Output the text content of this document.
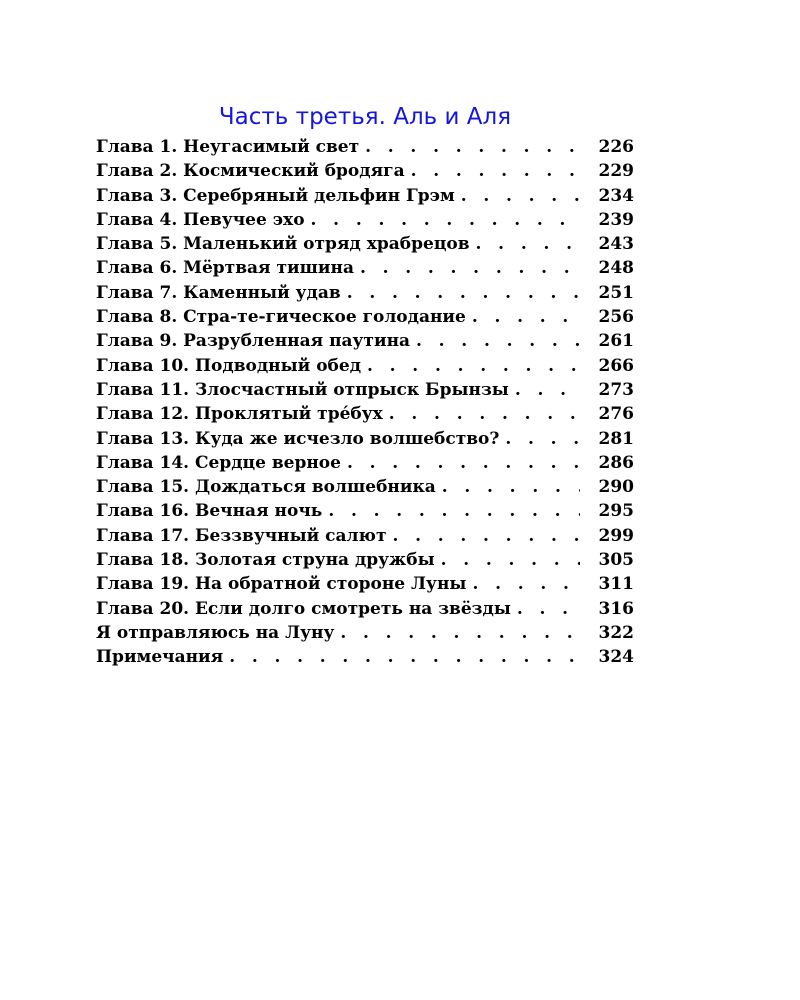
Часть третья. Аль и Аля
Глава 1. Неугасимый свет . . .	226
Глава 2. Космический бродяга . . .	229
Глава 3. Серебряный дельфин Грэм . . .	234
Глава 4. Певучее эхо . . .	239
Глава 5. Маленький отряд храбрецов . . .	243
Глава 6. Мёртвая тишина . . .	248
Глава 7. Каменный удав . . .	251
Глава 8. Стра-те-гическое голодание . . .	256
Глава 9. Разрубленная паутина . . .	261
Глава 10. Подводный обед . . .	266
Глава 11. Злосчастный отпрыск Брынзы . . .	273
Глава 12. Проклятый тре́бух . . .	276
Глава 13. Куда же исчезло волшебство? . . .	281
Глава 14. Сердце верное . . .	286
Глава 15. Дождаться волшебника . . .	290
Глава 16. Вечная ночь . . .	295
Глава 17. Беззвучный салют . . .	299
Глава 18. Золотая струна дружбы . . .	305
Глава 19. На обратной стороне Луны . . .	311
Глава 20. Если долго смотреть на звёзды . . .	316
Я отправляюсь на Луну . . .	322
Примечания . . .	324
